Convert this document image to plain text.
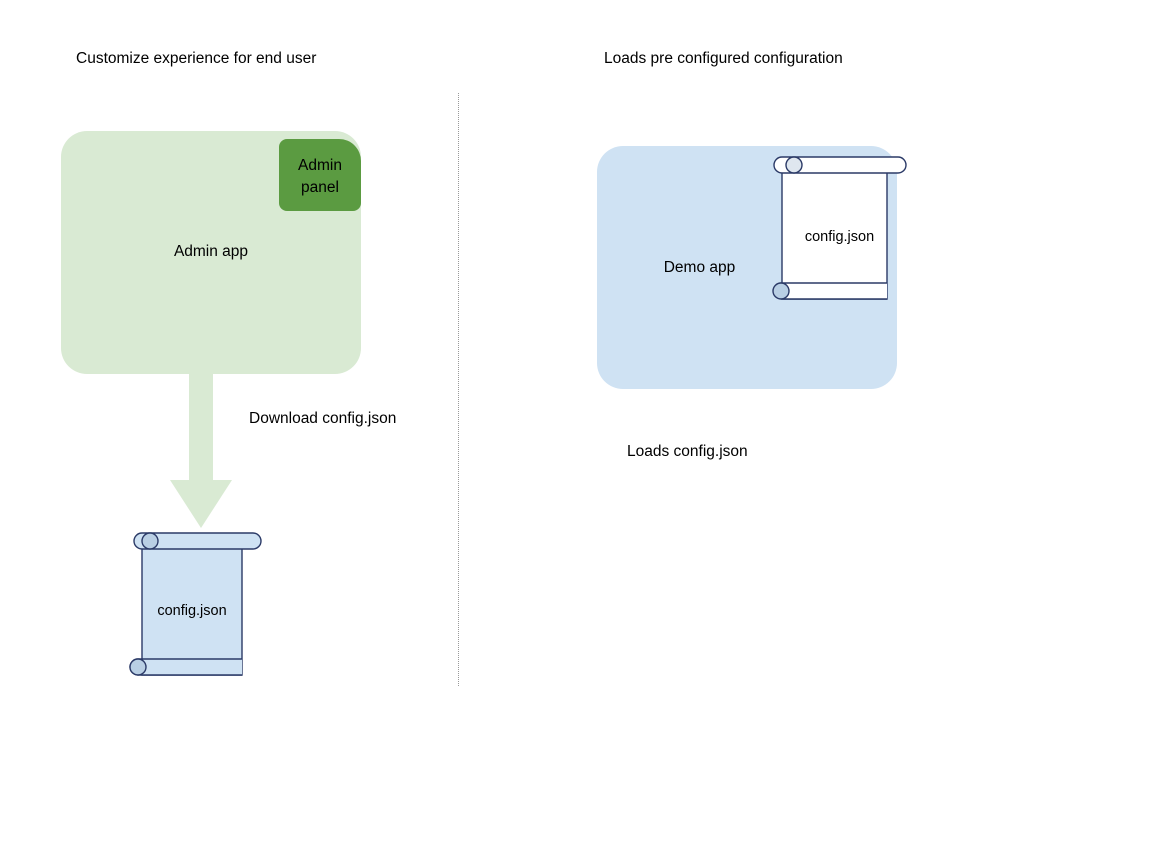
Customize experience for end user	Loads pre configured configuration
Admin app
Admin panel
Download config.json
config.json
Demo app
config.json
Loads config.json
